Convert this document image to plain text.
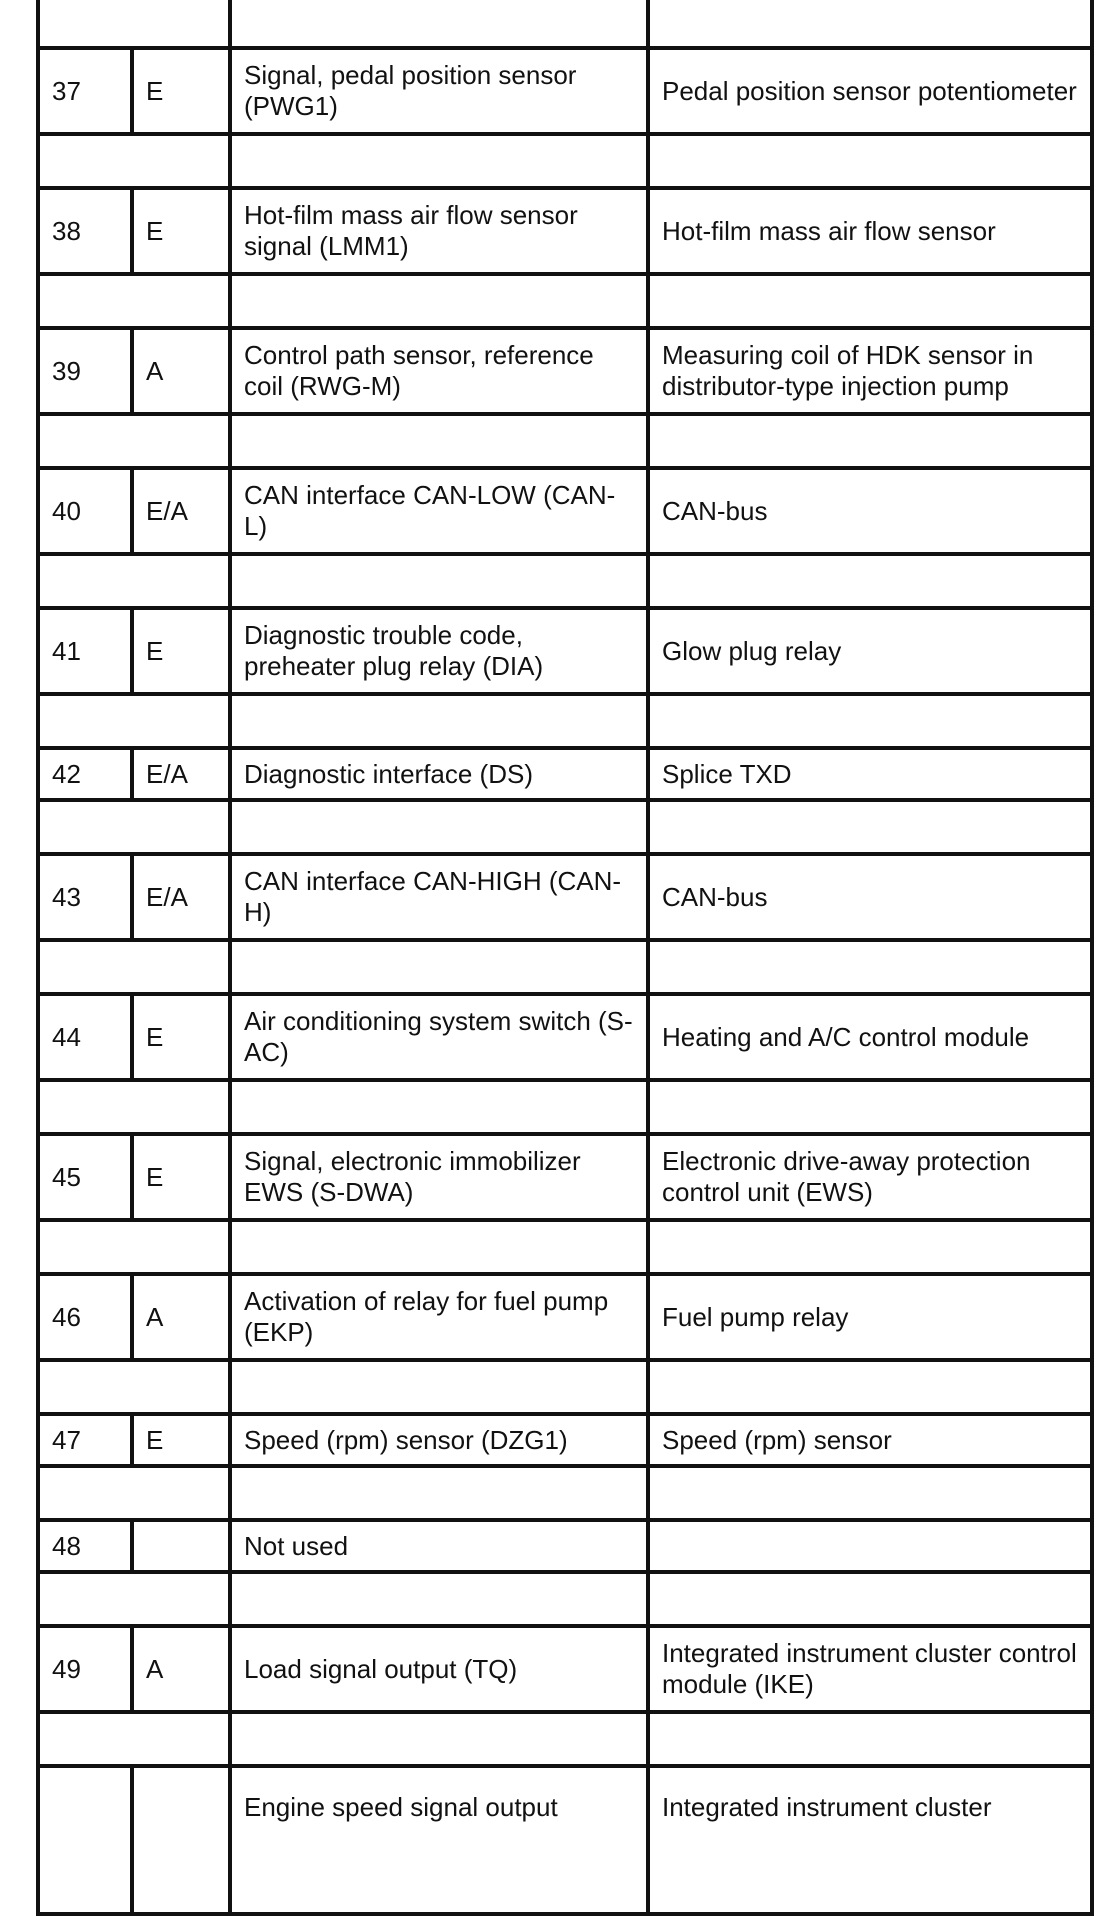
37	E	Signal, pedal position sensor (PWG1)	Pedal position sensor potentiometer

38	E	Hot-film mass air flow sensor signal (LMM1)	Hot-film mass air flow sensor

39	A	Control path sensor, reference coil (RWG-M)	Measuring coil of HDK sensor in distributor-type injection pump

40	E/A	CAN interface CAN-LOW (CAN-L)	CAN-bus

41	E	Diagnostic trouble code, preheater plug relay (DIA)	Glow plug relay

42	E/A	Diagnostic interface (DS)	Splice TXD

43	E/A	CAN interface CAN-HIGH (CAN-H)	CAN-bus

44	E	Air conditioning system switch (S-AC)	Heating and A/C control module

45	E	Signal, electronic immobilizer EWS (S-DWA)	Electronic drive-away protection control unit (EWS)

46	A	Activation of relay for fuel pump (EKP)	Fuel pump relay

47	E	Speed (rpm) sensor (DZG1)	Speed (rpm) sensor

48		Not used	

49	A	Load signal output (TQ)	Integrated instrument cluster control module (IKE)

		Engine speed signal output	Integrated instrument cluster
